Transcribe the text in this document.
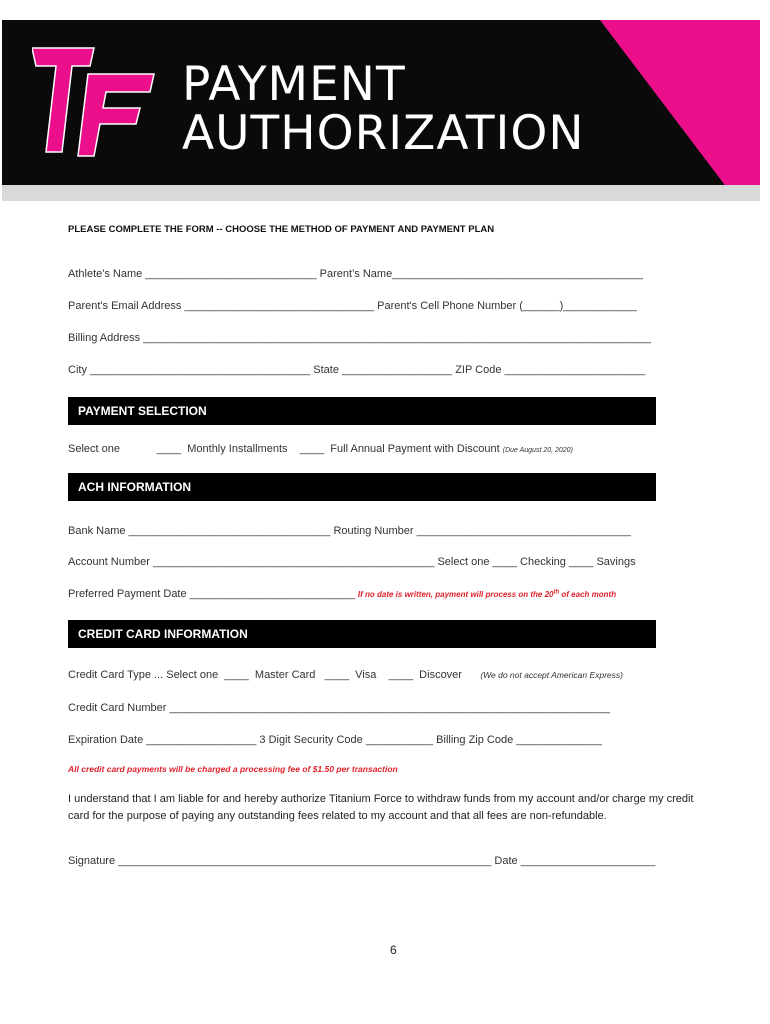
PAYMENT
AUTHORIZATION
PLEASE COMPLETE THE FORM -- CHOOSE THE METHOD OF PAYMENT AND PAYMENT PLAN
Athlete's Name ____________________________ Parent’s Name_________________________________________
Parent's Email Address _______________________________ Parent's Cell Phone Number (______)____________
Billing Address ___________________________________________________________________________________
City ____________________________________ State __________________ ZIP Code _______________________
PAYMENT SELECTION
Select one            ____  Monthly Installments    ____  Full Annual Payment with Discount (Due August 20, 2020)
ACH INFORMATION
Bank Name _________________________________ Routing Number ___________________________________
Account Number ______________________________________________ Select one ____ Checking ____ Savings
Preferred Payment Date ___________________________ If no date is written, payment will process on the 20th of each month
CREDIT CARD INFORMATION
Credit Card Type ... Select one  ____  Master Card   ____  Visa    ____  Discover      (We do not accept American Express)
Credit Card Number ________________________________________________________________________
Expiration Date __________________ 3 Digit Security Code ___________ Billing Zip Code ______________
All credit card payments will be charged a processing fee of $1.50 per transaction
I understand that I am liable for and hereby authorize Titanium Force to withdraw funds from my account and/or charge my credit card for the purpose of paying any outstanding fees related to my account and that all fees are non-refundable.
Signature _____________________________________________________________ Date ______________________
6
